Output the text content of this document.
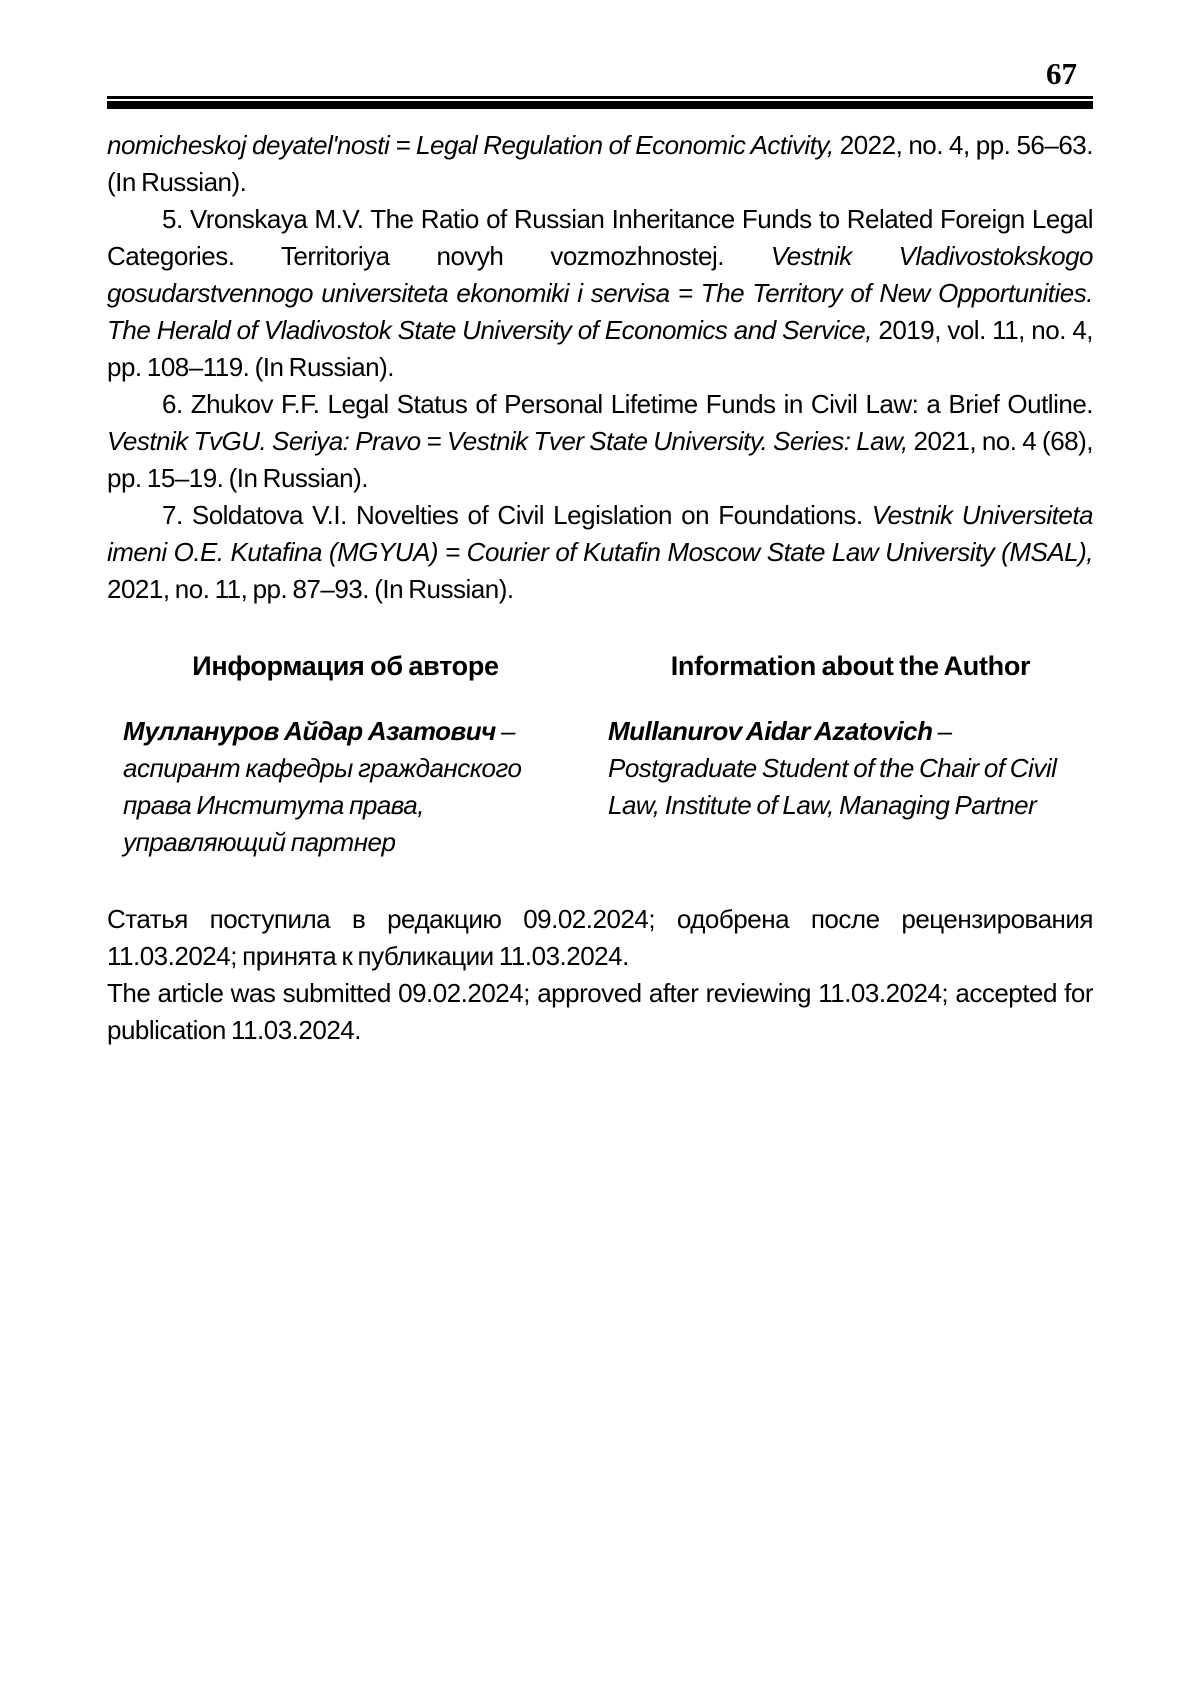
67

nomicheskoj deyatel'nosti = Legal Regulation of Economic Activity, 2022, no. 4, pp. 56–63. (In Russian).

5. Vronskaya M.V. The Ratio of Russian Inheritance Funds to Related Foreign Legal Categories. Territoriya novyh vozmozhnostej. Vestnik Vladivostokskogo gosudarstvennogo universiteta ekonomiki i servisa = The Territory of New Opportunities. The Herald of Vladivostok State University of Economics and Service, 2019, vol. 11, no. 4, pp. 108–119. (In Russian).

6. Zhukov F.F. Legal Status of Personal Lifetime Funds in Civil Law: a Brief Outline. Vestnik TvGU. Seriya: Pravo = Vestnik Tver State University. Series: Law, 2021, no. 4 (68), pp. 15–19. (In Russian).

7. Soldatova V.I. Novelties of Civil Legislation on Foundations. Vestnik Universiteta imeni O.E. Kutafina (MGYUA) = Courier of Kutafin Moscow State Law University (MSAL), 2021, no. 11, pp. 87–93. (In Russian).

Информация об авторе

Муллануров Айдар Азатович – аспирант кафедры гражданского права Института права, управляющий партнер

Information about the Author

Mullanurov Aidar Azatovich – Postgraduate Student of the Chair of Civil Law, Institute of Law, Managing Partner

Статья поступила в редакцию 09.02.2024; одобрена после рецензирования 11.03.2024; принята к публикации 11.03.2024.

The article was submitted 09.02.2024; approved after reviewing 11.03.2024; accepted for publication 11.03.2024.
